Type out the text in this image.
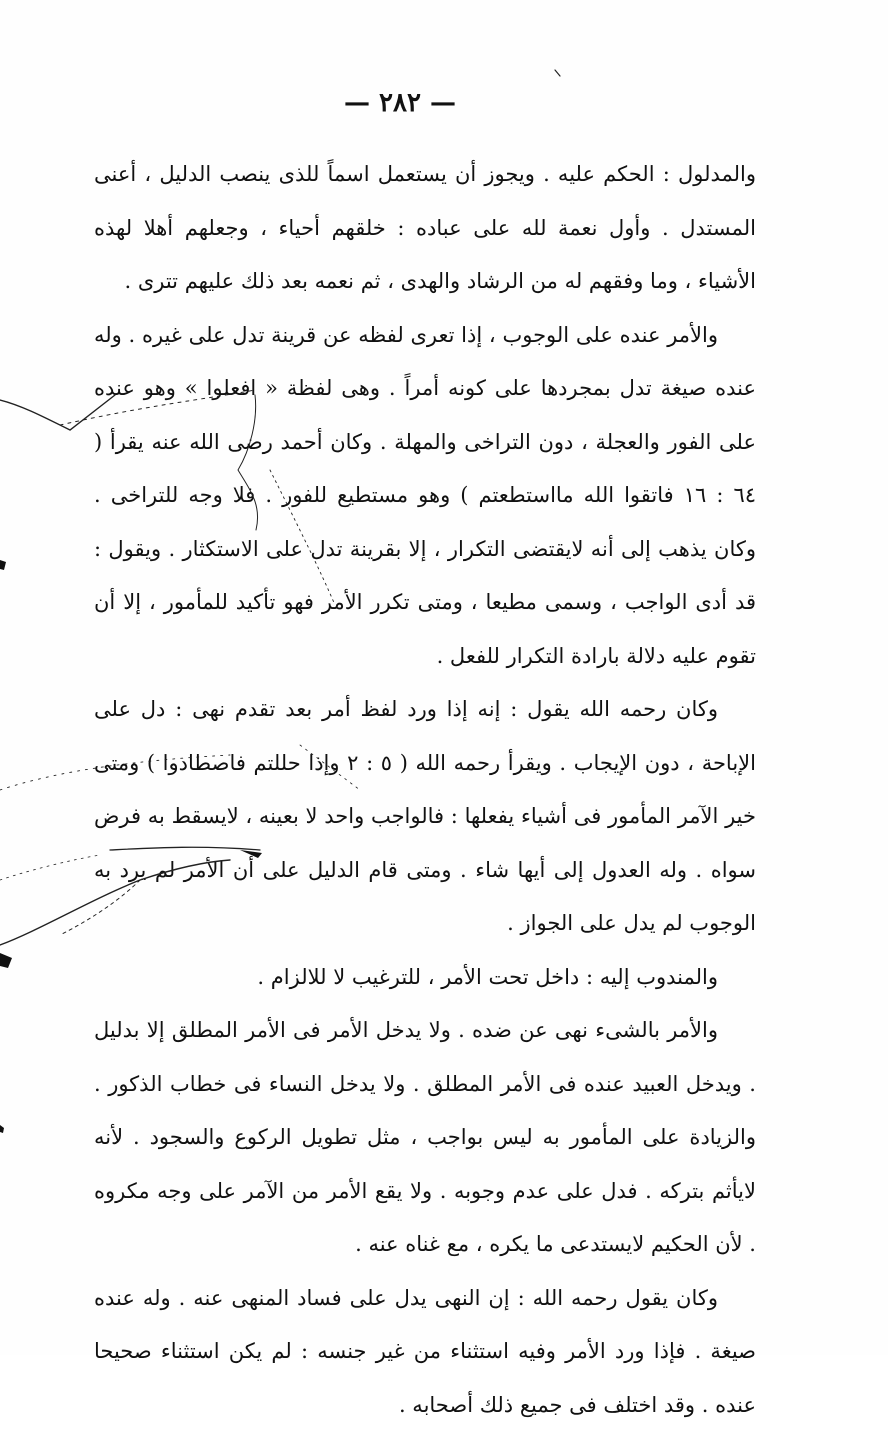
— ٢٨٢ —

والمدلول : الحكم عليه . ويجوز أن يستعمل اسماً للذى ينصب الدليل ، أعنى المستدل . وأول نعمة لله على عباده : خلقهم أحياء ، وجعلهم أهلا لهذه الأشياء ، وما وفقهم له من الرشاد والهدى ، ثم نعمه بعد ذلك عليهم تترى .

والأمر عنده على الوجوب ، إذا تعرى لفظه عن قرينة تدل على غيره . وله عنده صيغة تدل بمجردها على كونه أمراً . وهى لفظة « افعلوا » وهو عنده على الفور والعجلة ، دون التراخى والمهلة . وكان أحمد رضى الله عنه يقرأ ( ٦٤ : ١٦ فاتقوا الله مااستطعتم ) وهو مستطيع للفور . فلا وجه للتراخى . وكان يذهب إلى أنه لايقتضى التكرار ، إلا بقرينة تدل على الاستكثار . ويقول : قد أدى الواجب ، وسمى مطيعا ، ومتى تكرر الأمر فهو تأكيد للمأمور ، إلا أن تقوم عليه دلالة بارادة التكرار للفعل .

وكان رحمه الله يقول : إنه إذا ورد لفظ أمر بعد تقدم نهى : دل على الإباحة ، دون الإيجاب . ويقرأ رحمه الله ( ٥ : ٢ وإذا حللتم فاصطادوا ) ومتى خير الآمر المأمور فى أشياء يفعلها : فالواجب واحد لا بعينه ، لايسقط به فرض سواه . وله العدول إلى أيها شاء . ومتى قام الدليل على أن الأمر لم يرد به الوجوب لم يدل على الجواز .

والمندوب إليه : داخل تحت الأمر ، للترغيب لا للالزام .

والأمر بالشىء نهى عن ضده . ولا يدخل الأمر فى الأمر المطلق إلا بدليل . ويدخل العبيد عنده فى الأمر المطلق . ولا يدخل النساء فى خطاب الذكور . والزيادة على المأمور به ليس بواجب ، مثل تطويل الركوع والسجود . لأنه لايأثم بتركه . فدل على عدم وجوبه . ولا يقع الأمر من الآمر على وجه مكروه . لأن الحكيم لايستدعى ما يكره ، مع غناه عنه .

وكان يقول رحمه الله : إن النهى يدل على فساد المنهى عنه . وله عنده صيغة . فإذا ورد الأمر وفيه استثناء من غير جنسه : لم يكن استثناء صحيحا عنده . وقد اختلف فى جميع ذلك أصحابه .
